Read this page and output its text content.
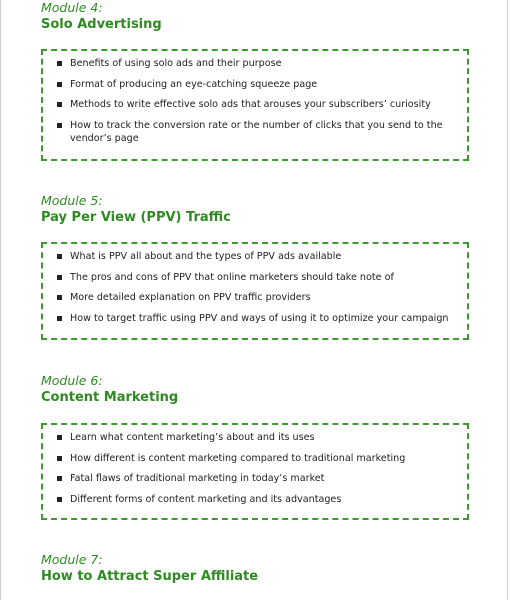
Module 4:

Solo Advertising

Benefits of using solo ads and their purpose
Format of producing an eye-catching squeeze page
Methods to write effective solo ads that arouses your subscribers’ curiosity
How to track the conversion rate or the number of clicks that you send to the vendor’s page

Module 5:

Pay Per View (PPV) Traffic

What is PPV all about and the types of PPV ads available
The pros and cons of PPV that online marketers should take note of
More detailed explanation on PPV traffic providers
How to target traffic using PPV and ways of using it to optimize your campaign

Module 6:

Content Marketing

Learn what content marketing’s about and its uses
How different is content marketing compared to traditional marketing
Fatal flaws of traditional marketing in today’s market
Different forms of content marketing and its advantages

Module 7:

How to Attract Super Affiliate
